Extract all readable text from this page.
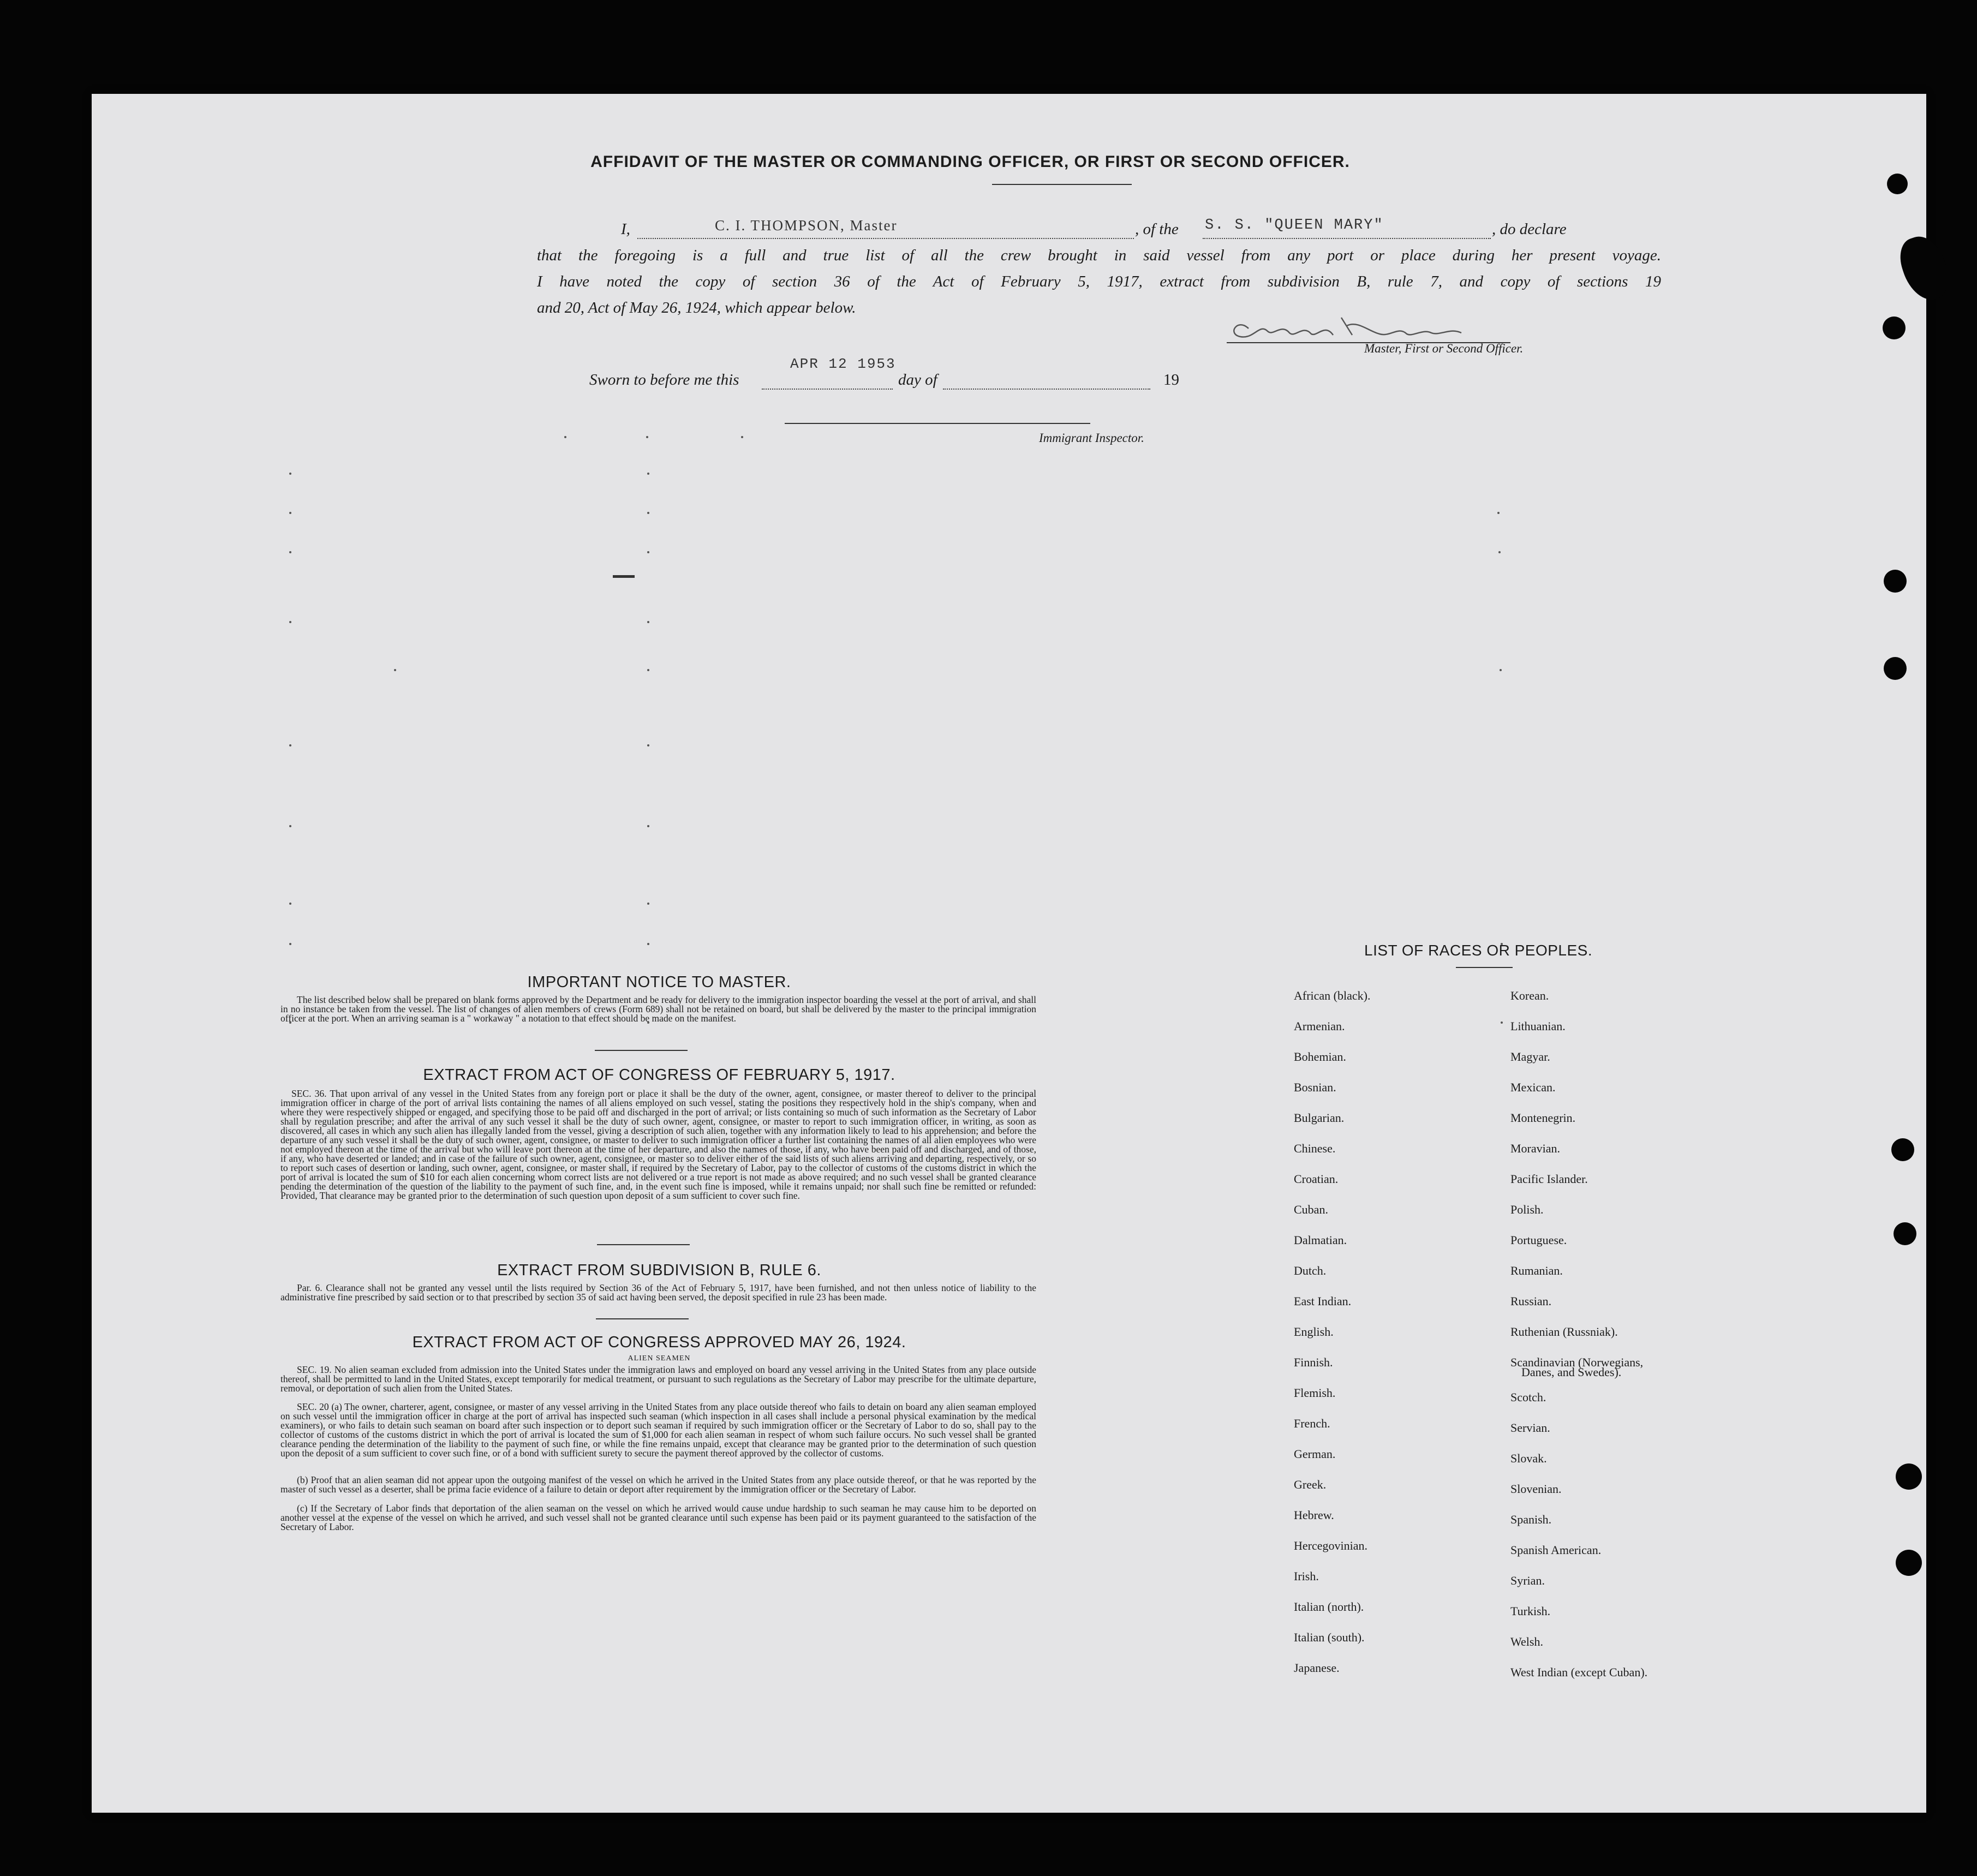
AFFIDAVIT OF THE MASTER OR COMMANDING OFFICER, OR FIRST OR SECOND OFFICER.
I,	C. I. THOMPSON, Master	, of the S. S. "QUEEN MARY"	, do declare
that the foregoing is a full and true list of all the crew brought in said vessel from any port or place during her present voyage.
I have noted the copy of section 36 of the Act of February 5, 1917, extract from subdivision B, rule 7, and copy of sections 19
and 20, Act of May 26, 1924, which appear below.
Master, First or Second Officer.
Sworn to before me this
APR 12 1953
day of	19
Immigrant Inspector.
IMPORTANT NOTICE TO MASTER.
The list described below shall be prepared on blank forms approved by the Department and be ready for delivery to the immigration inspector boarding the vessel at the port of arrival, and shall in no instance be taken from the vessel. The list of changes of alien members of crews (Form 689) shall not be retained on board, but shall be delivered by the master to the principal immigration officer at the port. When an arriving seaman is a " workaway " a notation to that effect should be made on the manifest.
EXTRACT FROM ACT OF CONGRESS OF FEBRUARY 5, 1917.
SEC. 36. That upon arrival of any vessel in the United States from any foreign port or place it shall be the duty of the owner, agent, consignee, or master thereof to deliver to the principal immigration officer in charge of the port of arrival lists containing the names of all aliens employed on such vessel, stating the positions they respectively hold in the ship's company, when and where they were respectively shipped or engaged, and specifying those to be paid off and discharged in the port of arrival; or lists containing so much of such information as the Secretary of Labor shall by regulation prescribe; and after the arrival of any such vessel it shall be the duty of such owner, agent, consignee, or master to report to such immigration officer, in writing, as soon as discovered, all cases in which any such alien has illegally landed from the vessel, giving a description of such alien, together with any information likely to lead to his apprehension; and before the departure of any such vessel it shall be the duty of such owner, agent, consignee, or master to deliver to such immigration officer a further list containing the names of all alien employees who were not employed thereon at the time of the arrival but who will leave port thereon at the time of her departure, and also the names of those, if any, who have been paid off and discharged, and of those, if any, who have deserted or landed; and in case of the failure of such owner, agent, consignee, or master so to deliver either of the said lists of such aliens arriving and departing, respectively, or so to report such cases of desertion or landing, such owner, agent, consignee, or master shall, if required by the Secretary of Labor, pay to the collector of customs of the customs district in which the port of arrival is located the sum of $10 for each alien concerning whom correct lists are not delivered or a true report is not made as above required; and no such vessel shall be granted clearance pending the determination of the question of the liability to the payment of such fine, and, in the event such fine is imposed, while it remains unpaid; nor shall such fine be remitted or refunded: Provided, That clearance may be granted prior to the determination of such question upon deposit of a sum sufficient to cover such fine.
EXTRACT FROM SUBDIVISION B, RULE 6.
Par. 6. Clearance shall not be granted any vessel until the lists required by Section 36 of the Act of February 5, 1917, have been furnished, and not then unless notice of liability to the administrative fine prescribed by said section or to that prescribed by section 35 of said act having been served, the deposit specified in rule 23 has been made.
EXTRACT FROM ACT OF CONGRESS APPROVED MAY 26, 1924.
ALIEN SEAMEN
SEC. 19. No alien seaman excluded from admission into the United States under the immigration laws and employed on board any vessel arriving in the United States from any place outside thereof, shall be permitted to land in the United States, except temporarily for medical treatment, or pursuant to such regulations as the Secretary of Labor may prescribe for the ultimate departure, removal, or deportation of such alien from the United States.
SEC. 20 (a) The owner, charterer, agent, consignee, or master of any vessel arriving in the United States from any place outside thereof who fails to detain on board any alien seaman employed on such vessel until the immigration officer in charge at the port of arrival has inspected such seaman (which inspection in all cases shall include a personal physical examination by the medical examiners), or who fails to detain such seaman on board after such inspection or to deport such seaman if required by such immigration officer or the Secretary of Labor to do so, shall pay to the collector of customs of the customs district in which the port of arrival is located the sum of $1,000 for each alien seaman in respect of whom such failure occurs. No such vessel shall be granted clearance pending the determination of the liability to the payment of such fine, or while the fine remains unpaid, except that clearance may be granted prior to the determination of such question upon the deposit of a sum sufficient to cover such fine, or of a bond with sufficient surety to secure the payment thereof approved by the collector of customs.
(b) Proof that an alien seaman did not appear upon the outgoing manifest of the vessel on which he arrived in the United States from any place outside thereof, or that he was reported by the master of such vessel as a deserter, shall be prima facie evidence of a failure to detain or deport after requirement by the immigration officer or the Secretary of Labor.
(c) If the Secretary of Labor finds that deportation of the alien seaman on the vessel on which he arrived would cause undue hardship to such seaman he may cause him to be deported on another vessel at the expense of the vessel on which he arrived, and such vessel shall not be granted clearance until such expense has been paid or its payment guaranteed to the satisfaction of the Secretary of Labor.
LIST OF RACES OR PEOPLES.
Danes, and Swedes).
African (black).
Armenian.
Bohemian.
Bosnian.
Bulgarian.
Chinese.
Croatian.
Cuban.
Dalmatian.
Dutch.
East Indian.
English.
Finnish.
Flemish.
French.
German.
Greek.
Hebrew.
Hercegovinian.
Irish.
Italian (north).
Italian (south).
Japanese.
Korean.
Lithuanian.
Magyar.
Mexican.
Montenegrin.
Moravian.
Pacific Islander.
Polish.
Portuguese.
Rumanian.
Russian.
Ruthenian (Russniak).
Scandinavian (Norwegians,
Scotch.
Servian.
Slovak.
Slovenian.
Spanish.
Spanish American.
Syrian.
Turkish.
Welsh.
West Indian (except Cuban).
